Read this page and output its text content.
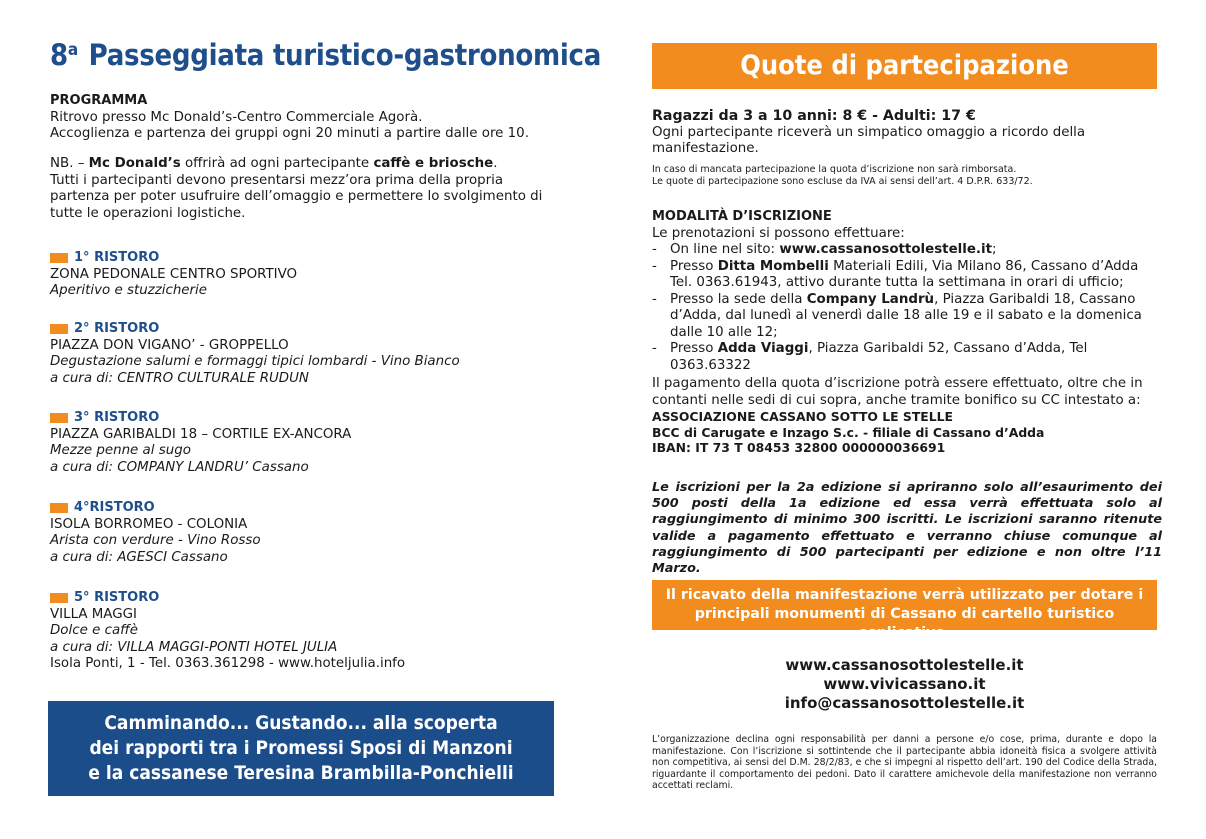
8$^a$ Passeggiata turistico-gastronomica
PROGRAMMA
Ritrovo presso Mc Donald’s-Centro Commerciale Agorà.
Accoglienza e partenza dei gruppi ogni 20 minuti a partire dalle ore 10.
NB. – Mc Donald’s offrirà ad ogni partecipante caffè e briosche.
Tutti i partecipanti devono presentarsi mezz’ora prima della propria partenza per poter usufruire dell’omaggio e permettere lo svolgimento di tutte le operazioni logistiche.
1° RISTORO
ZONA PEDONALE CENTRO SPORTIVO
Aperitivo e stuzzicherie
2° RISTORO
PIAZZA DON VIGANO’ - GROPPELLO
Degustazione salumi e formaggi tipici lombardi - Vino Bianco
a cura di: CENTRO CULTURALE RUDUN
3° RISTORO
PIAZZA GARIBALDI 18 – CORTILE EX-ANCORA
Mezze penne al sugo
a cura di: COMPANY LANDRU’ Cassano
4°RISTORO
ISOLA BORROMEO - COLONIA
Arista con verdure - Vino Rosso
a cura di: AGESCI Cassano
5° RISTORO
VILLA MAGGI
Dolce e caffè
a cura di: VILLA MAGGI-PONTI HOTEL JULIA
Isola Ponti, 1 - Tel. 0363.361298 - www.hoteljulia.info
Camminando... Gustando... alla scoperta
dei rapporti tra i Promessi Sposi di Manzoni
e la cassanese Teresina Brambilla-Ponchielli
Quote di partecipazione
Ragazzi da 3 a 10 anni: 8 € - Adulti: 17 €
Ogni partecipante riceverà un simpatico omaggio a ricordo della manifestazione.
In caso di mancata partecipazione la quota d’iscrizione non sarà rimborsata.
Le quote di partecipazione sono escluse da IVA ai sensi dell’art. 4 D.P.R. 633/72.
MODALITÀ D’ISCRIZIONE
Le prenotazioni si possono effettuare:
- On line nel sito: www.cassanosottolestelle.it;
- Presso Ditta Mombelli Materiali Edili, Via Milano 86, Cassano d’Adda Tel. 0363.61943, attivo durante tutta la settimana in orari di ufficio;
- Presso la sede della Company Landrù, Piazza Garibaldi 18, Cassano d’Adda, dal lunedì al venerdì dalle 18 alle 19 e il sabato e la domenica dalle 10 alle 12;
- Presso Adda Viaggi, Piazza Garibaldi 52, Cassano d’Adda, Tel 0363.63322
Il pagamento della quota d’iscrizione potrà essere effettuato, oltre che in contanti nelle sedi di cui sopra, anche tramite bonifico su CC intestato a:
ASSOCIAZIONE CASSANO SOTTO LE STELLE
BCC di Carugate e Inzago S.c. - filiale di Cassano d’Adda
IBAN: IT 73 T 08453 32800 000000036691
Le iscrizioni per la 2a edizione si apriranno solo all’esaurimento dei 500 posti della 1a edizione ed essa verrà effettuata solo al raggiungimento di minimo 300 iscritti. Le iscrizioni saranno ritenute valide a pagamento effettuato e verranno chiuse comunque al raggiungimento di 500 partecipanti per edizione e non oltre l’11 Marzo.
Il ricavato della manifestazione verrà utilizzato per dotare i
principali monumenti di Cassano di cartello turistico esplicativo.
www.cassanosottolestelle.it
www.vivicassano.it
info@cassanosottolestelle.it
L’organizzazione declina ogni responsabilità per danni a persone e/o cose, prima, durante e dopo la manifestazione. Con l’iscrizione si sottintende che il partecipante abbia idoneità fisica a svolgere attività non competitiva, ai sensi del D.M. 28/2/83, e che si impegni al rispetto dell’art. 190 del Codice della Strada, riguardante il comportamento dei pedoni. Dato il carattere amichevole della manifestazione non verranno accettati reclami.
